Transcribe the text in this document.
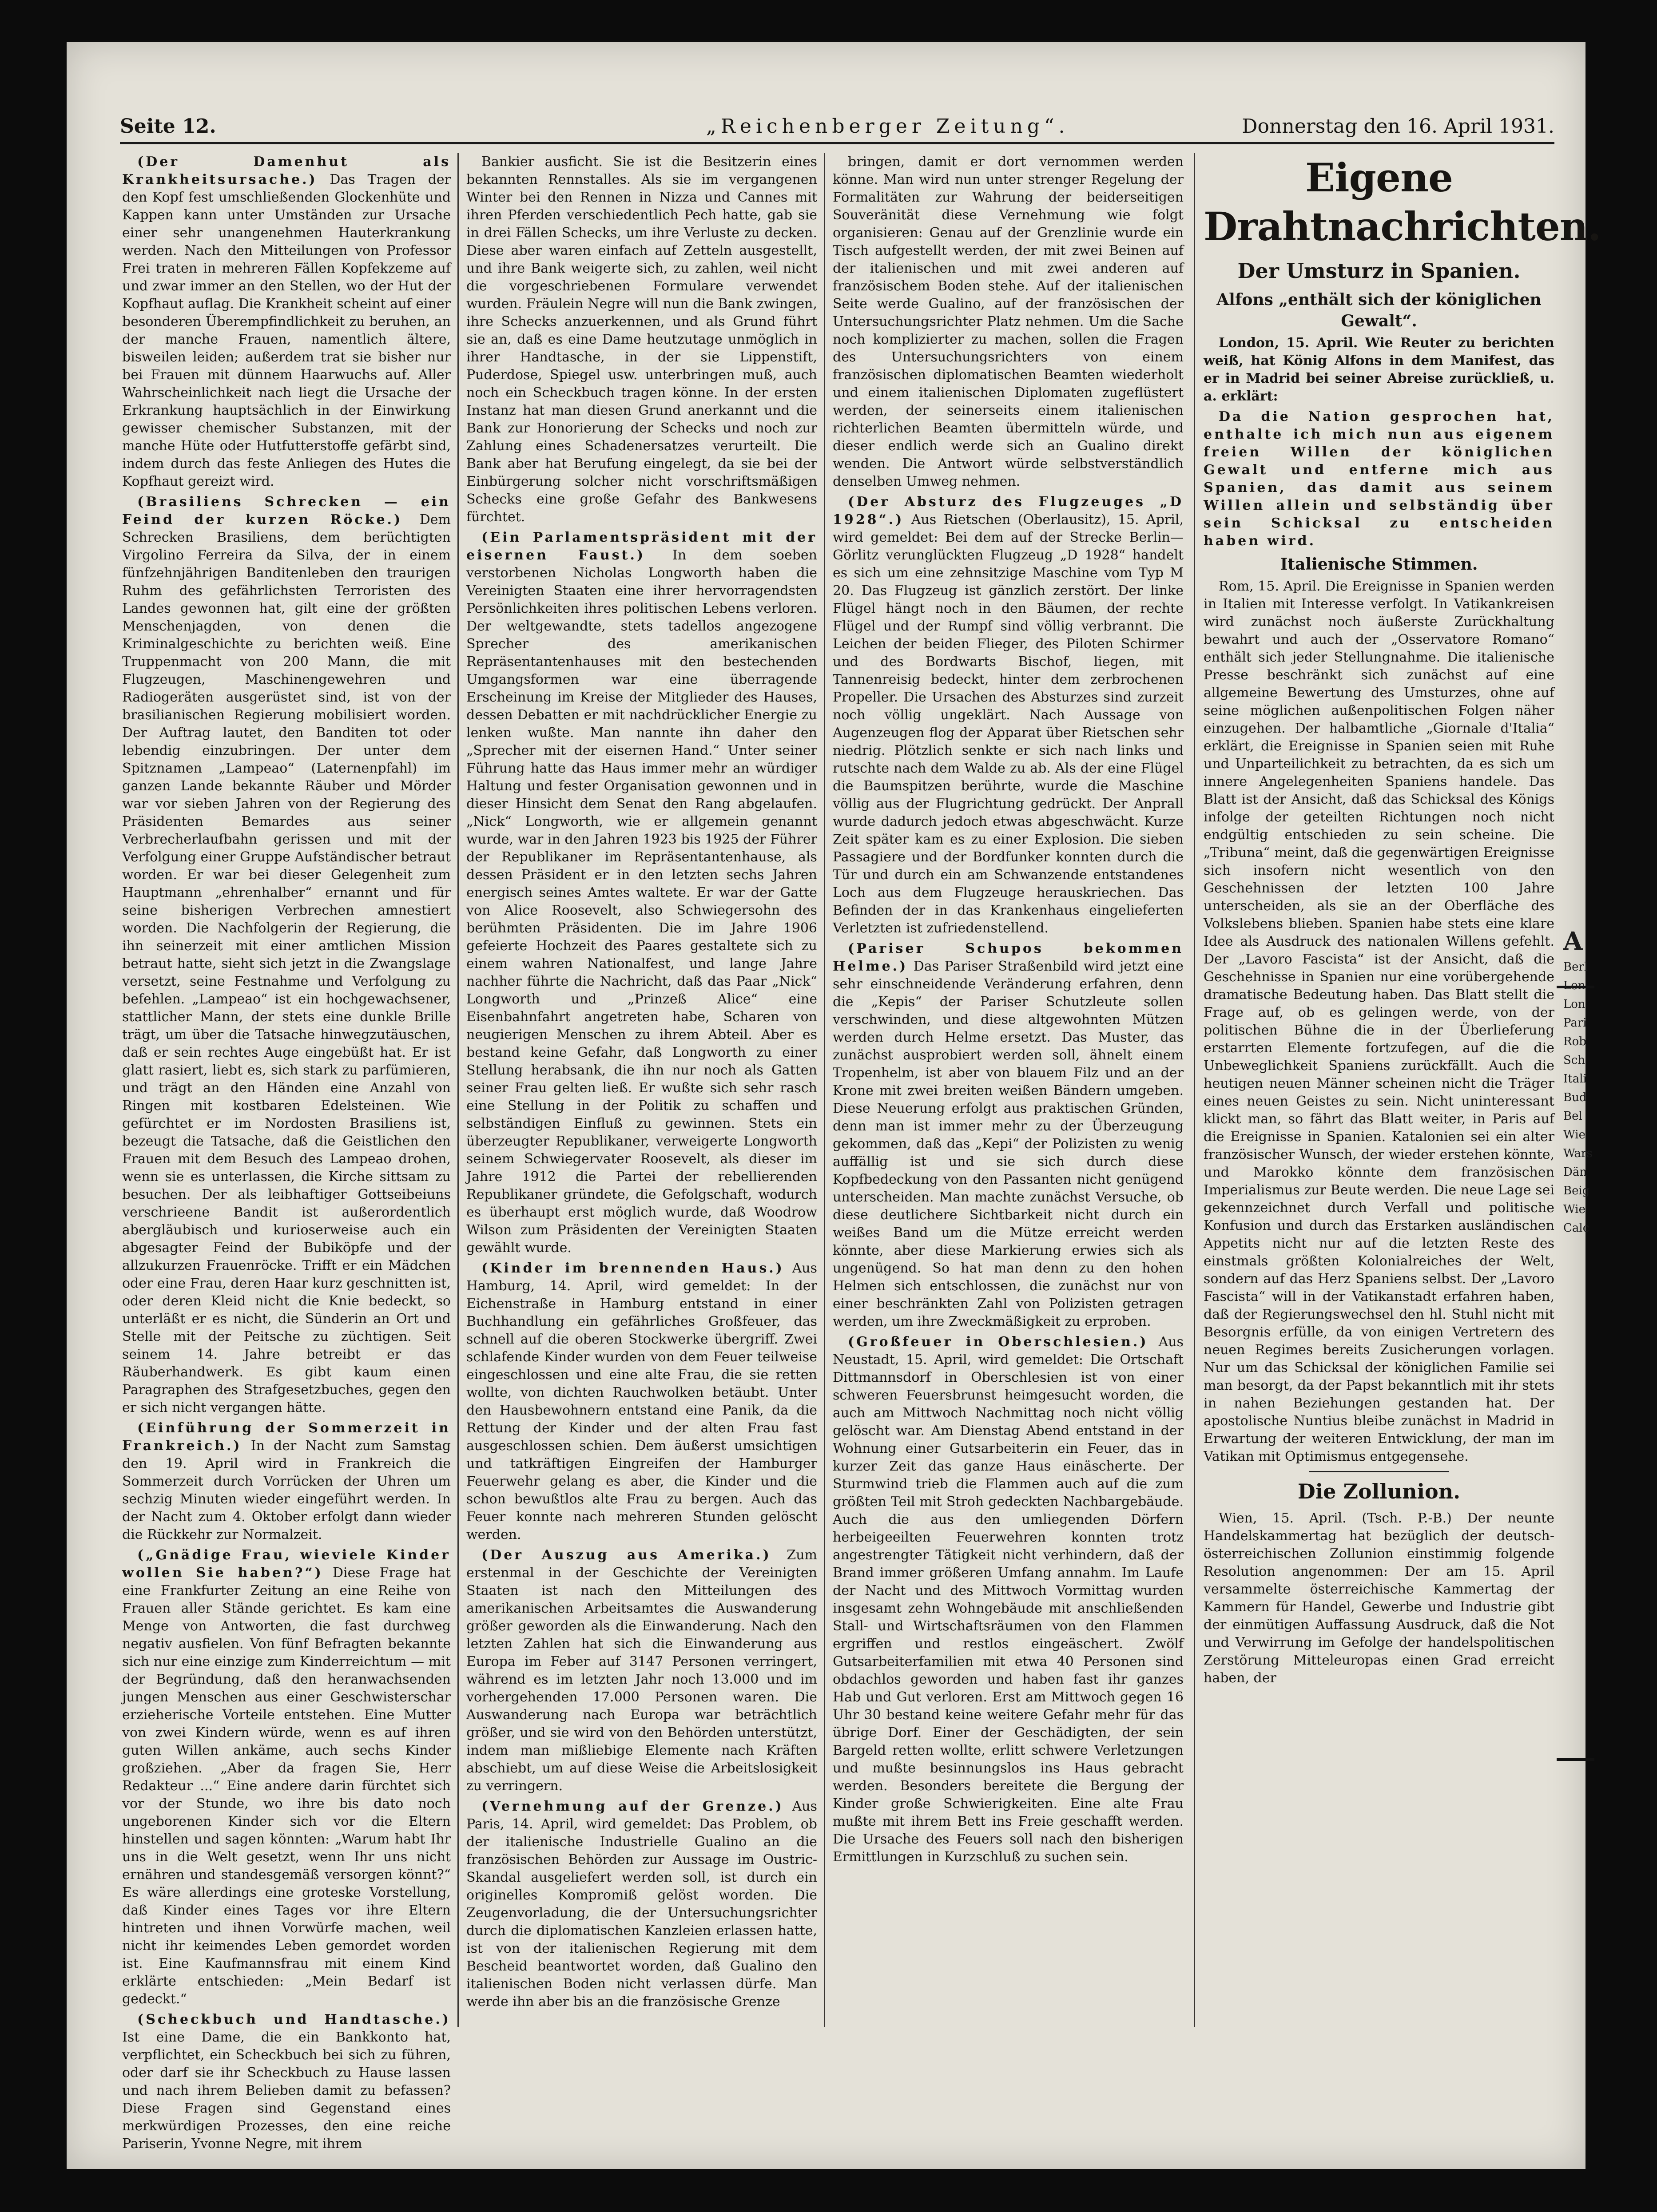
Seite 12.	„Reichenberger Zeitung“.	Donnerstag den 16. April 1931.

(Der Damenhut als Krankheitsursache.) Das Tragen der den Kopf fest umschließenden Glockenhüte und Kappen kann unter Umständen zur Ursache einer sehr unangenehmen Hauterkrankung werden. Nach den Mitteilungen von Professor Frei traten in mehreren Fällen Kopfekzeme auf und zwar immer an den Stellen, wo der Hut der Kopfhaut auflag. Die Krankheit scheint auf einer besonderen Überempfindlichkeit zu beruhen, an der manche Frauen, namentlich ältere, bisweilen leiden; außerdem trat sie bisher nur bei Frauen mit dünnem Haarwuchs auf. Aller Wahrscheinlichkeit nach liegt die Ursache der Erkrankung hauptsächlich in der Einwirkung gewisser chemischer Substanzen, mit der manche Hüte oder Hutfutterstoffe gefärbt sind, indem durch das feste Anliegen des Hutes die Kopfhaut gereizt wird.

(Brasiliens Schrecken — ein Feind der kurzen Röcke.) Dem Schrecken Brasiliens, dem berüchtigten Virgolino Ferreira da Silva, der in einem fünfzehnjährigen Banditenleben den traurigen Ruhm des gefährlichsten Terroristen des Landes gewonnen hat, gilt eine der größten Menschenjagden, von denen die Kriminalgeschichte zu berichten weiß. Eine Truppenmacht von 200 Mann, die mit Flugzeugen, Maschinengewehren und Radiogeräten ausgerüstet sind, ist von der brasilianischen Regierung mobilisiert worden. Der Auftrag lautet, den Banditen tot oder lebendig einzubringen. Der unter dem Spitznamen „Lampeao“ (Laternenpfahl) im ganzen Lande bekannte Räuber und Mörder war vor sieben Jahren von der Regierung des Präsidenten Bemardes aus seiner Verbrecherlaufbahn gerissen und mit der Verfolgung einer Gruppe Aufständischer betraut worden. Er war bei dieser Gelegenheit zum Hauptmann „ehrenhalber“ ernannt und für seine bisherigen Verbrechen amnestiert worden. Die Nachfolgerin der Regierung, die ihn seinerzeit mit einer amtlichen Mission betraut hatte, sieht sich jetzt in die Zwangslage versetzt, seine Festnahme und Verfolgung zu befehlen. „Lampeao“ ist ein hochgewachsener, stattlicher Mann, der stets eine dunkle Brille trägt, um über die Tatsache hinwegzutäuschen, daß er sein rechtes Auge eingebüßt hat. Er ist glatt rasiert, liebt es, sich stark zu parfümieren, und trägt an den Händen eine Anzahl von Ringen mit kostbaren Edelsteinen. Wie gefürchtet er im Nordosten Brasiliens ist, bezeugt die Tatsache, daß die Geistlichen den Frauen mit dem Besuch des Lampeao drohen, wenn sie es unterlassen, die Kirche sittsam zu besuchen. Der als leibhaftiger Gottseibeiuns verschrieene Bandit ist außerordentlich abergläubisch und kurioserweise auch ein abgesagter Feind der Bubiköpfe und der allzukurzen Frauenröcke. Trifft er ein Mädchen oder eine Frau, deren Haar kurz geschnitten ist, oder deren Kleid nicht die Knie bedeckt, so unterläßt er es nicht, die Sünderin an Ort und Stelle mit der Peitsche zu züchtigen. Seit seinem 14. Jahre betreibt er das Räuberhandwerk. Es gibt kaum einen Paragraphen des Strafgesetzbuches, gegen den er sich nicht vergangen hätte.

(Einführung der Sommerzeit in Frankreich.) In der Nacht zum Samstag den 19. April wird in Frankreich die Sommerzeit durch Vorrücken der Uhren um sechzig Minuten wieder eingeführt werden. In der Nacht zum 4. Oktober erfolgt dann wieder die Rückkehr zur Normalzeit.

(„Gnädige Frau, wieviele Kinder wollen Sie haben?“) Diese Frage hat eine Frankfurter Zeitung an eine Reihe von Frauen aller Stände gerichtet. Es kam eine Menge von Antworten, die fast durchweg negativ ausfielen. Von fünf Befragten bekannte sich nur eine einzige zum Kinderreichtum — mit der Begründung, daß den heranwachsenden jungen Menschen aus einer Geschwisterschar erzieherische Vorteile entstehen. Eine Mutter von zwei Kindern würde, wenn es auf ihren guten Willen ankäme, auch sechs Kinder großziehen. „Aber da fragen Sie, Herr Redakteur ...“ Eine andere darin fürchtet sich vor der Stunde, wo ihre bis dato noch ungeborenen Kinder sich vor die Eltern hinstellen und sagen könnten: „Warum habt Ihr uns in die Welt gesetzt, wenn Ihr uns nicht ernähren und standesgemäß versorgen könnt?“ Es wäre allerdings eine groteske Vorstellung, daß Kinder eines Tages vor ihre Eltern hintreten und ihnen Vorwürfe machen, weil nicht ihr keimendes Leben gemordet worden ist. Eine Kaufmannsfrau mit einem Kind erklärte entschieden: „Mein Bedarf ist gedeckt.“

(Scheckbuch und Handtasche.) Ist eine Dame, die ein Bankkonto hat, verpflichtet, ein Scheckbuch bei sich zu führen, oder darf sie ihr Scheckbuch zu Hause lassen und nach ihrem Belieben damit zu befassen? Diese Fragen sind Gegenstand eines merkwürdigen Prozesses, den eine reiche Pariserin, Yvonne Negre, mit ihrem

Bankier ausficht. Sie ist die Besitzerin eines bekannten Rennstalles. Als sie im vergangenen Winter bei den Rennen in Nizza und Cannes mit ihren Pferden verschiedentlich Pech hatte, gab sie in drei Fällen Schecks, um ihre Verluste zu decken. Diese aber waren einfach auf Zetteln ausgestellt, und ihre Bank weigerte sich, zu zahlen, weil nicht die vorgeschriebenen Formulare verwendet wurden. Fräulein Negre will nun die Bank zwingen, ihre Schecks anzuerkennen, und als Grund führt sie an, daß es eine Dame heutzutage unmöglich in ihrer Handtasche, in der sie Lippenstift, Puderdose, Spiegel usw. unterbringen muß, auch noch ein Scheckbuch tragen könne. In der ersten Instanz hat man diesen Grund anerkannt und die Bank zur Honorierung der Schecks und noch zur Zahlung eines Schadenersatzes verurteilt. Die Bank aber hat Berufung eingelegt, da sie bei der Einbürgerung solcher nicht vorschriftsmäßigen Schecks eine große Gefahr des Bankwesens fürchtet.

(Ein Parlamentspräsident mit der eisernen Faust.) In dem soeben verstorbenen Nicholas Longworth haben die Vereinigten Staaten eine ihrer hervorragendsten Persönlichkeiten ihres politischen Lebens verloren. Der weltgewandte, stets tadellos angezogene Sprecher des amerikanischen Repräsentantenhauses mit den bestechenden Umgangsformen war eine überragende Erscheinung im Kreise der Mitglieder des Hauses, dessen Debatten er mit nachdrücklicher Energie zu lenken wußte. Man nannte ihn daher den „Sprecher mit der eisernen Hand.“ Unter seiner Führung hatte das Haus immer mehr an würdiger Haltung und fester Organisation gewonnen und in dieser Hinsicht dem Senat den Rang abgelaufen. „Nick“ Longworth, wie er allgemein genannt wurde, war in den Jahren 1923 bis 1925 der Führer der Republikaner im Repräsentantenhause, als dessen Präsident er in den letzten sechs Jahren energisch seines Amtes waltete. Er war der Gatte von Alice Roosevelt, also Schwiegersohn des berühmten Präsidenten. Die im Jahre 1906 gefeierte Hochzeit des Paares gestaltete sich zu einem wahren Nationalfest, und lange Jahre nachher führte die Nachricht, daß das Paar „Nick“ Longworth und „Prinzeß Alice“ eine Eisenbahnfahrt angetreten habe, Scharen von neugierigen Menschen zu ihrem Abteil. Aber es bestand keine Gefahr, daß Longworth zu einer Stellung herabsank, die ihn nur noch als Gatten seiner Frau gelten ließ. Er wußte sich sehr rasch eine Stellung in der Politik zu schaffen und selbständigen Einfluß zu gewinnen. Stets ein überzeugter Republikaner, verweigerte Longworth seinem Schwiegervater Roosevelt, als dieser im Jahre 1912 die Partei der rebellierenden Republikaner gründete, die Gefolgschaft, wodurch es überhaupt erst möglich wurde, daß Woodrow Wilson zum Präsidenten der Vereinigten Staaten gewählt wurde.

(Kinder im brennenden Haus.) Aus Hamburg, 14. April, wird gemeldet: In der Eichenstraße in Hamburg entstand in einer Buchhandlung ein gefährliches Großfeuer, das schnell auf die oberen Stockwerke übergriff. Zwei schlafende Kinder wurden von dem Feuer teilweise eingeschlossen und eine alte Frau, die sie retten wollte, von dichten Rauchwolken betäubt. Unter den Hausbewohnern entstand eine Panik, da die Rettung der Kinder und der alten Frau fast ausgeschlossen schien. Dem äußerst umsichtigen und tatkräftigen Eingreifen der Hamburger Feuerwehr gelang es aber, die Kinder und die schon bewußtlos alte Frau zu bergen. Auch das Feuer konnte nach mehreren Stunden gelöscht werden.

(Der Auszug aus Amerika.) Zum erstenmal in der Geschichte der Vereinigten Staaten ist nach den Mitteilungen des amerikanischen Arbeitsamtes die Auswanderung größer geworden als die Einwanderung. Nach den letzten Zahlen hat sich die Einwanderung aus Europa im Feber auf 3147 Personen verringert, während es im letzten Jahr noch 13.000 und im vorhergehenden 17.000 Personen waren. Die Auswanderung nach Europa war beträchtlich größer, und sie wird von den Behörden unterstützt, indem man mißliebige Elemente nach Kräften abschiebt, um auf diese Weise die Arbeitslosigkeit zu verringern.

(Vernehmung auf der Grenze.) Aus Paris, 14. April, wird gemeldet: Das Problem, ob der italienische Industrielle Gualino an die französischen Behörden zur Aussage im Oustric-Skandal ausgeliefert werden soll, ist durch ein originelles Kompromiß gelöst worden. Die Zeugenvorladung, die der Untersuchungsrichter durch die diplomatischen Kanzleien erlassen hatte, ist von der italienischen Regierung mit dem Bescheid beantwortet worden, daß Gualino den italienischen Boden nicht verlassen dürfe. Man werde ihn aber bis an die französische Grenze

bringen, damit er dort vernommen werden könne. Man wird nun unter strenger Regelung der Formalitäten zur Wahrung der beiderseitigen Souveränität diese Vernehmung wie folgt organisieren: Genau auf der Grenzlinie wurde ein Tisch aufgestellt werden, der mit zwei Beinen auf der italienischen und mit zwei anderen auf französischem Boden stehe. Auf der italienischen Seite werde Gualino, auf der französischen der Untersuchungsrichter Platz nehmen. Um die Sache noch komplizierter zu machen, sollen die Fragen des Untersuchungsrichters von einem französischen diplomatischen Beamten wiederholt und einem italienischen Diplomaten zugeflüstert werden, der seinerseits einem italienischen richterlichen Beamten übermitteln würde, und dieser endlich werde sich an Gualino direkt wenden. Die Antwort würde selbstverständlich denselben Umweg nehmen.

(Der Absturz des Flugzeuges „D 1928“.) Aus Rietschen (Oberlausitz), 15. April, wird gemeldet: Bei dem auf der Strecke Berlin—Görlitz verunglückten Flugzeug „D 1928“ handelt es sich um eine zehnsitzige Maschine vom Typ M 20. Das Flugzeug ist gänzlich zerstört. Der linke Flügel hängt noch in den Bäumen, der rechte Flügel und der Rumpf sind völlig verbrannt. Die Leichen der beiden Flieger, des Piloten Schirmer und des Bordwarts Bischof, liegen, mit Tannenreisig bedeckt, hinter dem zerbrochenen Propeller. Die Ursachen des Absturzes sind zurzeit noch völlig ungeklärt. Nach Aussage von Augenzeugen flog der Apparat über Rietschen sehr niedrig. Plötzlich senkte er sich nach links und rutschte nach dem Walde zu ab. Als der eine Flügel die Baumspitzen berührte, wurde die Maschine völlig aus der Flugrichtung gedrückt. Der Anprall wurde dadurch jedoch etwas abgeschwächt. Kurze Zeit später kam es zu einer Explosion. Die sieben Passagiere und der Bordfunker konnten durch die Tür und durch ein am Schwanzende entstandenes Loch aus dem Flugzeuge herauskriechen. Das Befinden der in das Krankenhaus eingelieferten Verletzten ist zufriedenstellend.

(Pariser Schupos bekommen Helme.) Das Pariser Straßenbild wird jetzt eine sehr einschneidende Veränderung erfahren, denn die „Kepis“ der Pariser Schutzleute sollen verschwinden, und diese altgewohnten Mützen werden durch Helme ersetzt. Das Muster, das zunächst ausprobiert werden soll, ähnelt einem Tropenhelm, ist aber von blauem Filz und an der Krone mit zwei breiten weißen Bändern umgeben. Diese Neuerung erfolgt aus praktischen Gründen, denn man ist immer mehr zu der Überzeugung gekommen, daß das „Kepi“ der Polizisten zu wenig auffällig ist und sie sich durch diese Kopfbedeckung von den Passanten nicht genügend unterscheiden. Man machte zunächst Versuche, ob diese deutlichere Sichtbarkeit nicht durch ein weißes Band um die Mütze erreicht werden könnte, aber diese Markierung erwies sich als ungenügend. So hat man denn zu den hohen Helmen sich entschlossen, die zunächst nur von einer beschränkten Zahl von Polizisten getragen werden, um ihre Zweckmäßigkeit zu erproben.

(Großfeuer in Oberschlesien.) Aus Neustadt, 15. April, wird gemeldet: Die Ortschaft Dittmannsdorf in Oberschlesien ist von einer schweren Feuersbrunst heimgesucht worden, die auch am Mittwoch Nachmittag noch nicht völlig gelöscht war. Am Dienstag Abend entstand in der Wohnung einer Gutsarbeiterin ein Feuer, das in kurzer Zeit das ganze Haus einäscherte. Der Sturmwind trieb die Flammen auch auf die zum größten Teil mit Stroh gedeckten Nachbargebäude. Auch die aus den umliegenden Dörfern herbeigeeilten Feuerwehren konnten trotz angestrengter Tätigkeit nicht verhindern, daß der Brand immer größeren Umfang annahm. Im Laufe der Nacht und des Mittwoch Vormittag wurden insgesamt zehn Wohngebäude mit anschließenden Stall- und Wirtschaftsräumen von den Flammen ergriffen und restlos eingeäschert. Zwölf Gutsarbeiterfamilien mit etwa 40 Personen sind obdachlos geworden und haben fast ihr ganzes Hab und Gut verloren. Erst am Mittwoch gegen 16 Uhr 30 bestand keine weitere Gefahr mehr für das übrige Dorf. Einer der Geschädigten, der sein Bargeld retten wollte, erlitt schwere Verletzungen und mußte besinnungslos ins Haus gebracht werden. Besonders bereitete die Bergung der Kinder große Schwierigkeiten. Eine alte Frau mußte mit ihrem Bett ins Freie geschafft werden. Die Ursache des Feuers soll nach den bisherigen Ermittlungen in Kurzschluß zu suchen sein.

Eigene Drahtnachrichten.
Der Umsturz in Spanien.
Alfons „enthält sich der königlichen Gewalt“.

London, 15. April. Wie Reuter zu berichten weiß, hat König Alfons in dem Manifest, das er in Madrid bei seiner Abreise zurückließ, u. a. erklärt:

Da die Nation gesprochen hat, enthalte ich mich nun aus eigenem freien Willen der königlichen Gewalt und entferne mich aus Spanien, das damit aus seinem Willen allein und selbständig über sein Schicksal zu entscheiden haben wird.

Italienische Stimmen.

Rom, 15. April. Die Ereignisse in Spanien werden in Italien mit Interesse verfolgt. In Vatikankreisen wird zunächst noch äußerste Zurückhaltung bewahrt und auch der „Osservatore Romano“ enthält sich jeder Stellungnahme. Die italienische Presse beschränkt sich zunächst auf eine allgemeine Bewertung des Umsturzes, ohne auf seine möglichen außenpolitischen Folgen näher einzugehen. Der halbamtliche „Giornale d'Italia“ erklärt, die Ereignisse in Spanien seien mit Ruhe und Unparteilichkeit zu betrachten, da es sich um innere Angelegenheiten Spaniens handele. Das Blatt ist der Ansicht, daß das Schicksal des Königs infolge der geteilten Richtungen noch nicht endgültig entschieden zu sein scheine. Die „Tribuna“ meint, daß die gegenwärtigen Ereignisse sich insofern nicht wesentlich von den Geschehnissen der letzten 100 Jahre unterscheiden, als sie an der Oberfläche des Volkslebens blieben. Spanien habe stets eine klare Idee als Ausdruck des nationalen Willens gefehlt. Der „Lavoro Fascista“ ist der Ansicht, daß die Geschehnisse in Spanien nur eine vorübergehende dramatische Bedeutung haben. Das Blatt stellt die Frage auf, ob es gelingen werde, von der politischen Bühne die in der Überlieferung erstarrten Elemente fortzufegen, auf die die Unbeweglichkeit Spaniens zurückfällt. Auch die heutigen neuen Männer scheinen nicht die Träger eines neuen Geistes zu sein. Nicht uninteressant klickt man, so fährt das Blatt weiter, in Paris auf die Ereignisse in Spanien. Katalonien sei ein alter französischer Wunsch, der wieder erstehen könnte, und Marokko könnte dem französischen Imperialismus zur Beute werden. Die neue Lage sei gekennzeichnet durch Verfall und politische Konfusion und durch das Erstarken ausländischen Appetits nicht nur auf die letzten Reste des einstmals größten Kolonialreiches der Welt, sondern auf das Herz Spaniens selbst. Der „Lavoro Fascista“ will in der Vatikanstadt erfahren haben, daß der Regierungswechsel den hl. Stuhl nicht mit Besorgnis erfülle, da von einigen Vertretern des neuen Regimes bereits Zusicherungen vorlagen. Nur um das Schicksal der königlichen Familie sei man besorgt, da der Papst bekanntlich mit ihr stets in nahen Beziehungen gestanden hat. Der apostolische Nuntius bleibe zunächst in Madrid in Erwartung der weiteren Entwicklung, der man im Vatikan mit Optimismus entgegensehe.

Die Zollunion.

Wien, 15. April. (Tsch. P.-B.) Der neunte Handelskammertag hat bezüglich der deutsch-österreichischen Zollunion einstimmig folgende Resolution angenommen: Der am 15. April versammelte österreichische Kammertag der Kammern für Handel, Gewerbe und Industrie gibt der einmütigen Auffassung Ausdruck, daß die Not und Verwirrung im Gefolge der handelspolitischen Zerstörung Mitteleuropas einen Grad erreicht haben, der

A
Berl
Lon
Lon
Pari
Rob
Sch
Itali
Bud
Bel
Wie
Wars
Dän
Beig
Wie
Calc
